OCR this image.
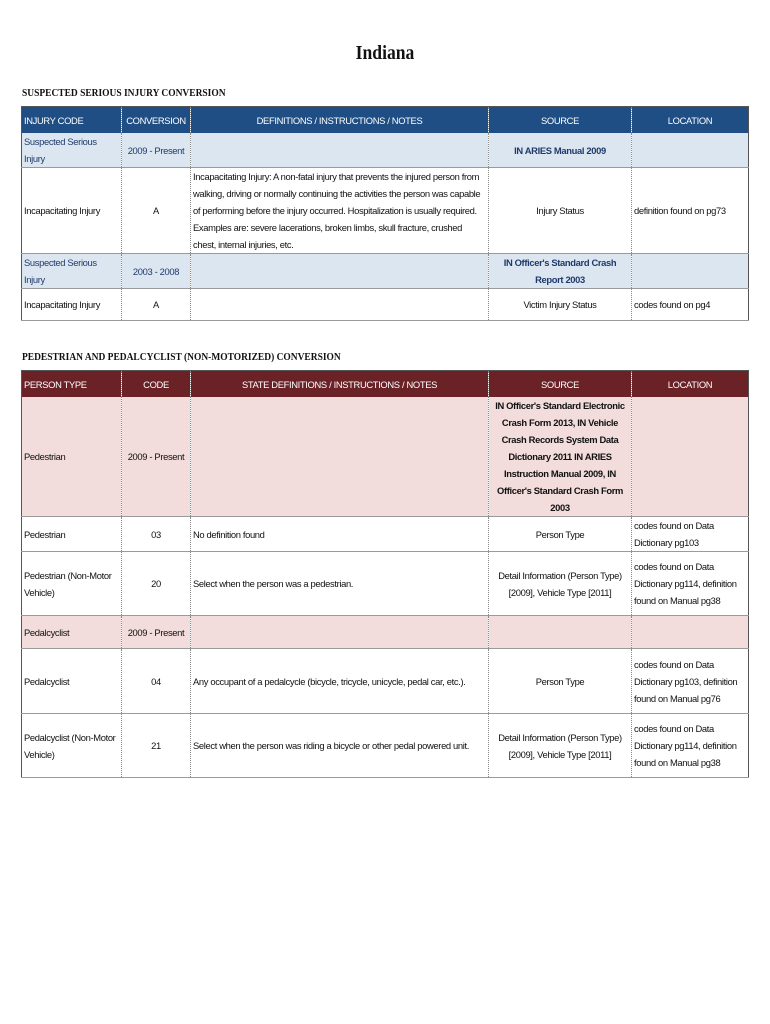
Indiana
SUSPECTED SERIOUS INJURY CONVERSION
INJURY CODE	CONVERSION	DEFINITIONS / INSTRUCTIONS / NOTES	SOURCE	LOCATION
Suspected Serious Injury	2009 - Present		IN ARIES Manual 2009	
Incapacitating Injury	A	Incapacitating Injury: A non-fatal injury that prevents the injured person from walking, driving or normally continuing the activities the person was capable of performing before the injury occurred. Hospitalization is usually required. Examples are: severe lacerations, broken limbs, skull fracture, crushed chest, internal injuries, etc.	Injury Status	definition found on pg73
Suspected Serious Injury	2003 - 2008		IN Officer's Standard Crash Report 2003	
Incapacitating Injury	A		Victim Injury Status	codes found on pg4
PEDESTRIAN AND PEDALCYCLIST (NON-MOTORIZED) CONVERSION
PERSON TYPE	CODE	STATE DEFINITIONS / INSTRUCTIONS / NOTES	SOURCE	LOCATION
Pedestrian	2009 - Present		IN Officer's Standard Electronic Crash Form 2013, IN Vehicle Crash Records System Data Dictionary 2011 IN ARIES Instruction Manual 2009, IN Officer's Standard Crash Form 2003	
Pedestrian	03	No definition found	Person Type	codes found on Data Dictionary pg103
Pedestrian (Non-Motor Vehicle)	20	Select when the person was a pedestrian.	Detail Information (Person Type) [2009], Vehicle Type [2011]	codes found on Data Dictionary pg114, definition found on Manual pg38
Pedalcyclist	2009 - Present			
Pedalcyclist	04	Any occupant of a pedalcycle (bicycle, tricycle, unicycle, pedal car, etc.).	Person Type	codes found on Data Dictionary pg103, definition found on Manual pg76
Pedalcyclist (Non-Motor Vehicle)	21	Select when the person was riding a bicycle or other pedal powered unit.	Detail Information (Person Type) [2009], Vehicle Type [2011]	codes found on Data Dictionary pg114, definition found on Manual pg38
